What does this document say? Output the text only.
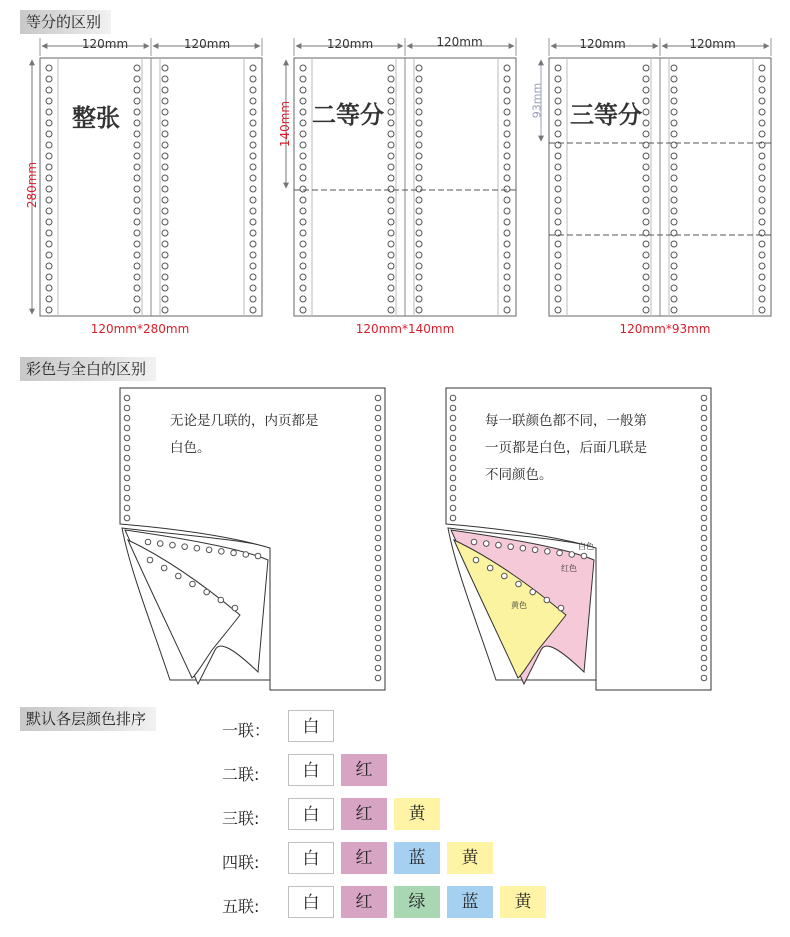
等分的区别
120mm	120mm	120mm	120mm	120mm	120mm
280mm
140mm
93mm
整张	二等分	三等分
120mm*280mm	120mm*140mm	120mm*93mm
彩色与全白的区别
无论是几联的，内页都是
白色。
每一联颜色都不同，一般第
一页都是白色，后面几联是
不同颜色。
白色
红色
黄色
默认各层颜色排序
一联：	白
二联:	白	红
三联:	白	红	黄
四联:	白	红	蓝	黄
五联:	白	红	绿	蓝	黄
